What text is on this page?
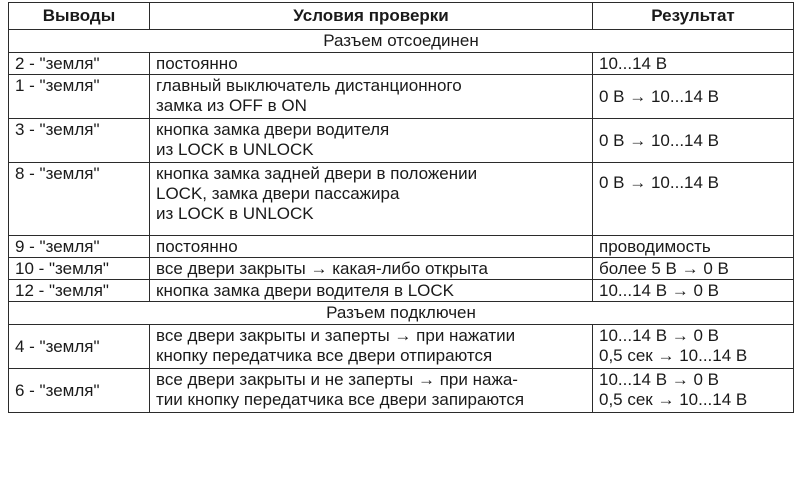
Выводы	Условия проверки	Результат
Разъем отсоединен		
2 - "земля"	постоянно	10...14 В

1 - "земля"	главный выключатель дистанционного
замка из OFF в ON	0 В → 10...14 В

3 - "земля"	кнопка замка двери водителя
из LOCK в UNLOCK	0 В → 10...14 В

8 - "земля"	кнопка замка задней двери в положении
LOCK, замка двери пассажира
из LOCK в UNLOCK	0 В → 10...14 В

9 - "земля"	постоянно	проводимость

10 - "земля"	все двери закрыты → какая-либо открыта	более 5 В → 0 В

12 - "земля"	кнопка замка двери водителя в LOCK	10...14 В → 0 В

Разъем подключен		
4 - "земля"	все двери закрыты и заперты → при нажатии
кнопку передатчика все двери отпираются	10...14 В → 0 В
0,5 сек → 10...14 В

6 - "земля"	все двери закрыты и не заперты → при нажа-
тии кнопку передатчика все двери запираются	10...14 В → 0 В
0,5 сек → 10...14 В
